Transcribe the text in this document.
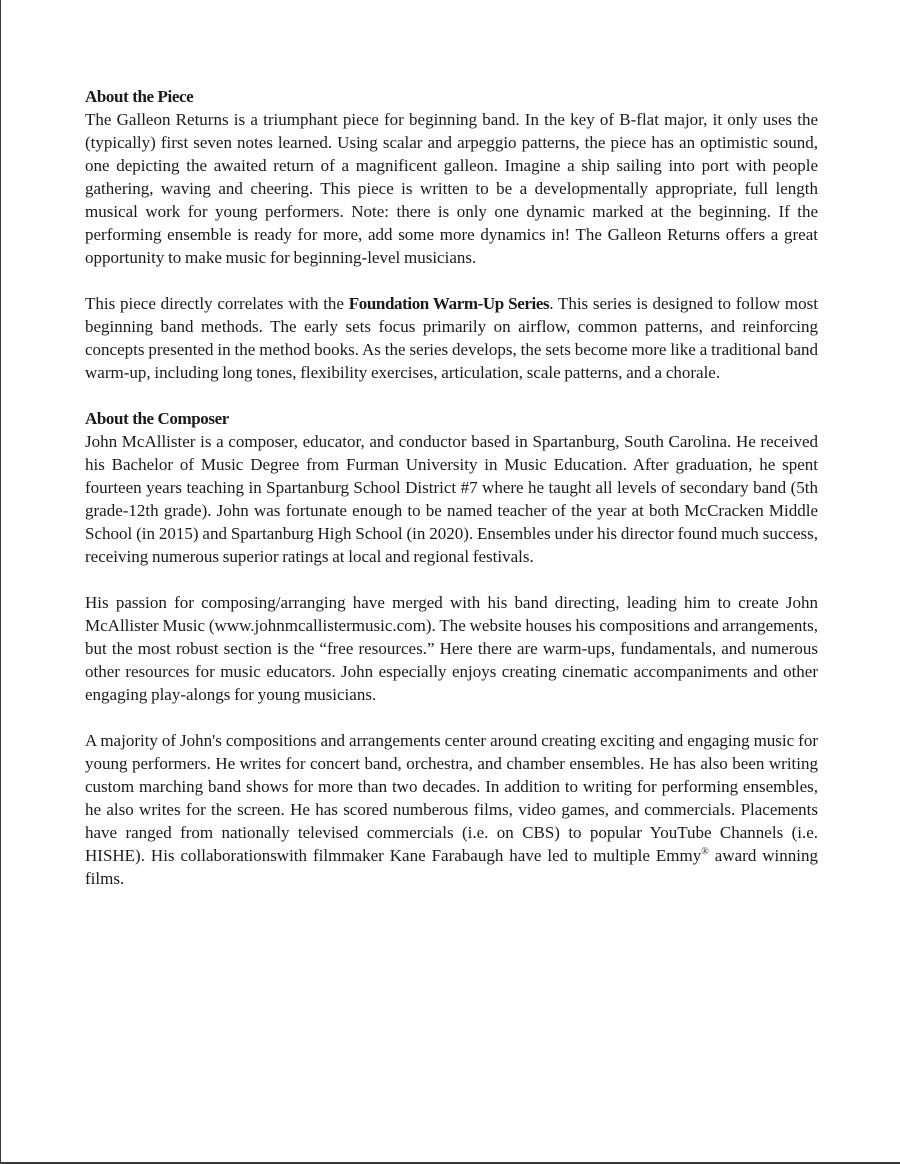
About the Piece

The Galleon Returns is a triumphant piece for beginning band. In the key of B-flat major, it only uses the (typically) first seven notes learned. Using scalar and arpeggio patterns, the piece has an optimistic sound, one depicting the awaited return of a magnificent galleon. Imagine a ship sailing into port with people gathering, waving and cheering. This piece is written to be a developmentally appropriate, full length musical work for young performers. Note: there is only one dynamic marked at the beginning. If the performing ensemble is ready for more, add some more dynamics in! The Galleon Returns offers a great opportunity to make music for beginning-level musicians.

This piece directly correlates with the Foundation Warm-Up Series. This series is designed to follow most beginning band methods. The early sets focus primarily on airflow, common patterns, and reinforcing concepts presented in the method books. As the series develops, the sets become more like a traditional band warm-up, including long tones, flexibility exercises, articulation, scale patterns, and a chorale.

About the Composer

John McAllister is a composer, educator, and conductor based in Spartanburg, South Carolina. He received his Bachelor of Music Degree from Furman University in Music Education. After graduation, he spent fourteen years teaching in Spartanburg School District #7 where he taught all levels of secondary band (5th grade-12th grade). John was fortunate enough to be named teacher of the year at both McCracken Middle School (in 2015) and Spartanburg High School (in 2020). Ensembles under his director found much success, receiving numerous superior ratings at local and regional festivals.

His passion for composing/arranging have merged with his band directing, leading him to create John McAllister Music (www.johnmcallistermusic.com). The website houses his compositions and arrangements, but the most robust section is the “free resources.” Here there are warm-ups, fundamentals, and numerous other resources for music educators. John especially enjoys creating cinematic accompaniments and other engaging play-alongs for young musicians.

A majority of John's compositions and arrangements center around creating exciting and engaging music for young performers. He writes for concert band, orchestra, and chamber ensembles. He has also been writing custom marching band shows for more than two decades. In addition to writing for performing ensembles, he also writes for the screen. He has scored numberous films, video games, and commercials. Placements have ranged from nationally televised commercials (i.e. on CBS) to popular YouTube Channels (i.e. HISHE). His collaborationswith filmmaker Kane Farabaugh have led to multiple Emmy® award winning films.
